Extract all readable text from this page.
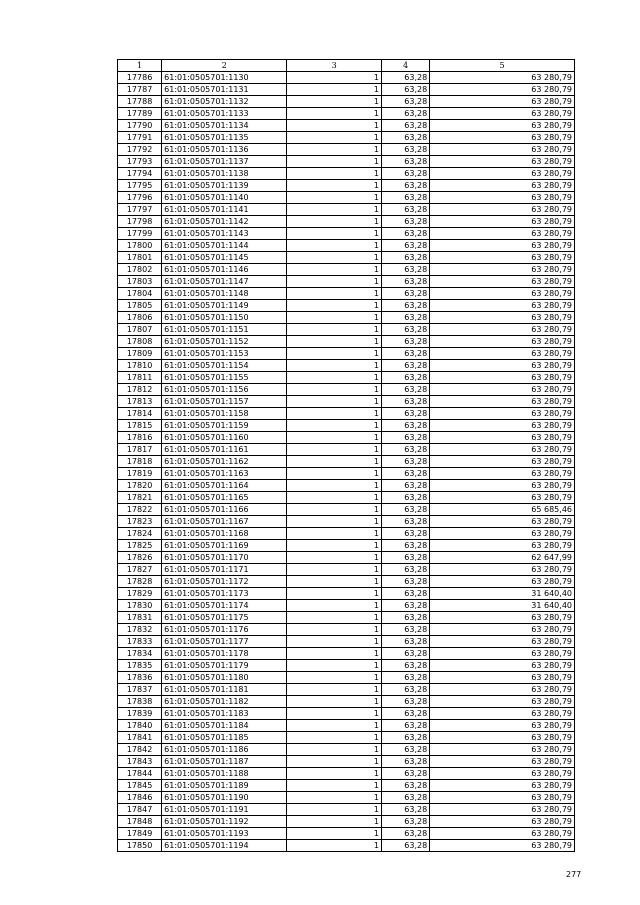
1	2	3	4	5
17786	61:01:0505701:1130	1	63,28	63 280,79
17787	61:01:0505701:1131	1	63,28	63 280,79
17788	61:01:0505701:1132	1	63,28	63 280,79
17789	61:01:0505701:1133	1	63,28	63 280,79
17790	61:01:0505701:1134	1	63,28	63 280,79
17791	61:01:0505701:1135	1	63,28	63 280,79
17792	61:01:0505701:1136	1	63,28	63 280,79
17793	61:01:0505701:1137	1	63,28	63 280,79
17794	61:01:0505701:1138	1	63,28	63 280,79
17795	61:01:0505701:1139	1	63,28	63 280,79
17796	61:01:0505701:1140	1	63,28	63 280,79
17797	61:01:0505701:1141	1	63,28	63 280,79
17798	61:01:0505701:1142	1	63,28	63 280,79
17799	61:01:0505701:1143	1	63,28	63 280,79
17800	61:01:0505701:1144	1	63,28	63 280,79
17801	61:01:0505701:1145	1	63,28	63 280,79
17802	61:01:0505701:1146	1	63,28	63 280,79
17803	61:01:0505701:1147	1	63,28	63 280,79
17804	61:01:0505701:1148	1	63,28	63 280,79
17805	61:01:0505701:1149	1	63,28	63 280,79
17806	61:01:0505701:1150	1	63,28	63 280,79
17807	61:01:0505701:1151	1	63,28	63 280,79
17808	61:01:0505701:1152	1	63,28	63 280,79
17809	61:01:0505701:1153	1	63,28	63 280,79
17810	61:01:0505701:1154	1	63,28	63 280,79
17811	61:01:0505701:1155	1	63,28	63 280,79
17812	61:01:0505701:1156	1	63,28	63 280,79
17813	61:01:0505701:1157	1	63,28	63 280,79
17814	61:01:0505701:1158	1	63,28	63 280,79
17815	61:01:0505701:1159	1	63,28	63 280,79
17816	61:01:0505701:1160	1	63,28	63 280,79
17817	61:01:0505701:1161	1	63,28	63 280,79
17818	61:01:0505701:1162	1	63,28	63 280,79
17819	61:01:0505701:1163	1	63,28	63 280,79
17820	61:01:0505701:1164	1	63,28	63 280,79
17821	61:01:0505701:1165	1	63,28	63 280,79
17822	61:01:0505701:1166	1	63,28	65 685,46
17823	61:01:0505701:1167	1	63,28	63 280,79
17824	61:01:0505701:1168	1	63,28	63 280,79
17825	61:01:0505701:1169	1	63,28	63 280,79
17826	61:01:0505701:1170	1	63,28	62 647,99
17827	61:01:0505701:1171	1	63,28	63 280,79
17828	61:01:0505701:1172	1	63,28	63 280,79
17829	61:01:0505701:1173	1	63,28	31 640,40
17830	61:01:0505701:1174	1	63,28	31 640,40
17831	61:01:0505701:1175	1	63,28	63 280,79
17832	61:01:0505701:1176	1	63,28	63 280,79
17833	61:01:0505701:1177	1	63,28	63 280,79
17834	61:01:0505701:1178	1	63,28	63 280,79
17835	61:01:0505701:1179	1	63,28	63 280,79
17836	61:01:0505701:1180	1	63,28	63 280,79
17837	61:01:0505701:1181	1	63,28	63 280,79
17838	61:01:0505701:1182	1	63,28	63 280,79
17839	61:01:0505701:1183	1	63,28	63 280,79
17840	61:01:0505701:1184	1	63,28	63 280,79
17841	61:01:0505701:1185	1	63,28	63 280,79
17842	61:01:0505701:1186	1	63,28	63 280,79
17843	61:01:0505701:1187	1	63,28	63 280,79
17844	61:01:0505701:1188	1	63,28	63 280,79
17845	61:01:0505701:1189	1	63,28	63 280,79
17846	61:01:0505701:1190	1	63,28	63 280,79
17847	61:01:0505701:1191	1	63,28	63 280,79
17848	61:01:0505701:1192	1	63,28	63 280,79
17849	61:01:0505701:1193	1	63,28	63 280,79
17850	61:01:0505701:1194	1	63,28	63 280,79
277
